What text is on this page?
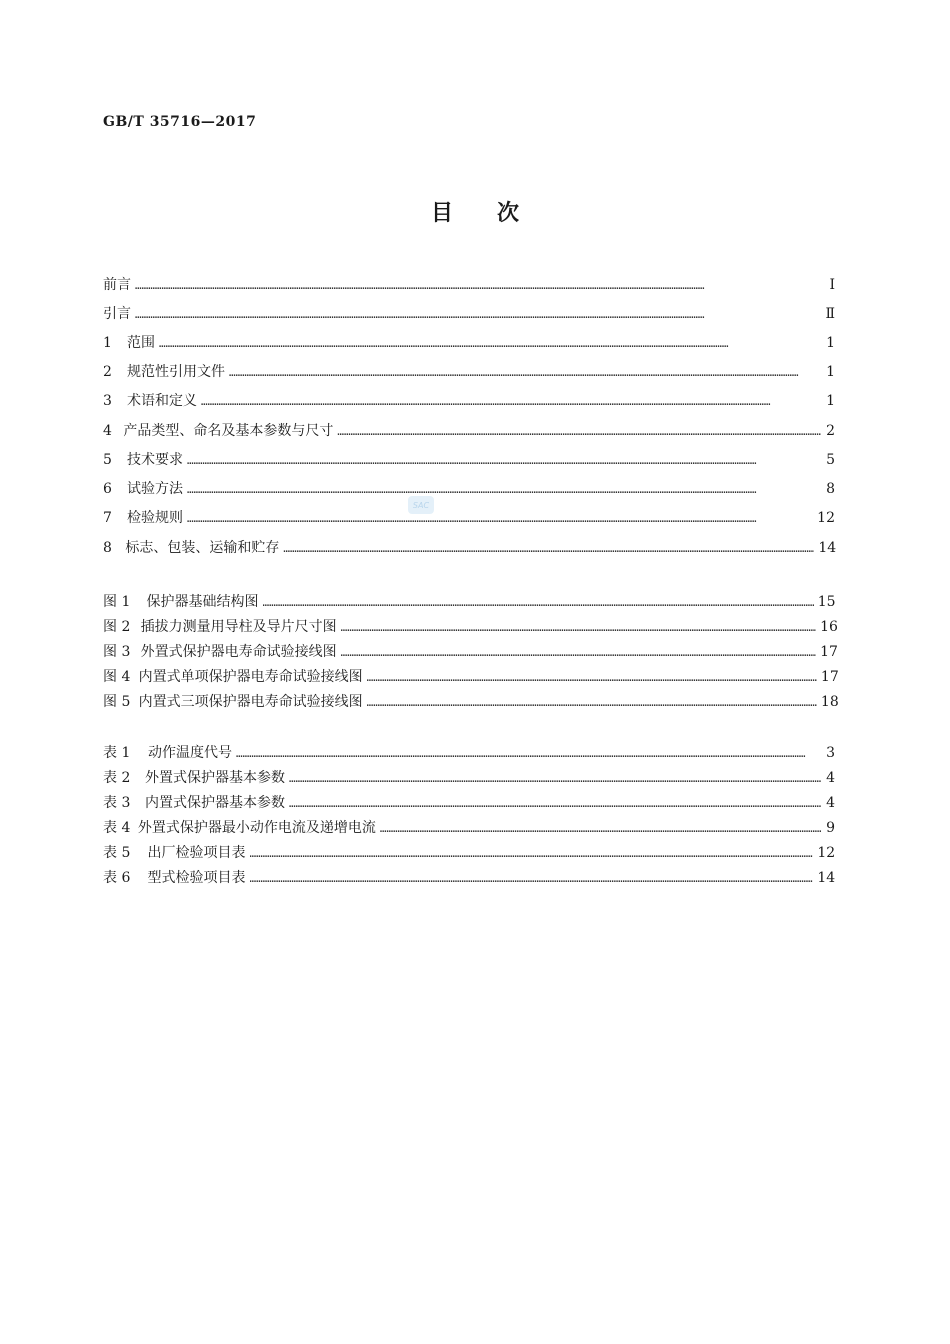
GB/T 35716—2017
目　　次
SAC
前言 ……………………………………………………………………………………………………………………………………………………………………………………………………………………………………	Ⅰ
引言 ……………………………………………………………………………………………………………………………………………………………………………………………………………………………………	Ⅱ
1	范围 ……………………………………………………………………………………………………………………………………………………………………………………………………………………………………	1
2	规范性引用文件 ……………………………………………………………………………………………………………………………………………………………………………………………………………………………………	1
3	术语和定义 ……………………………………………………………………………………………………………………………………………………………………………………………………………………………………	1
4 产品类型、命名及基本参数与尺寸 ……………………………………………………………………………………………………………………………………………………………………………………………………………………………………	2
5	技术要求 ……………………………………………………………………………………………………………………………………………………………………………………………………………………………………	5
6	试验方法 ……………………………………………………………………………………………………………………………………………………………………………………………………………………………………	8
7	检验规则 ……………………………………………………………………………………………………………………………………………………………………………………………………………………………………	12
8 标志、包装、运输和贮存 ……………………………………………………………………………………………………………………………………………………………………………………………………………………………………	14
图 1	保护器基础结构图 ……………………………………………………………………………………………………………………………………………………………………………………………………………………………………	15
图 2 插拔力测量用导柱及导片尺寸图 ……………………………………………………………………………………………………………………………………………………………………………………………………………………………………	16
图 3 外置式保护器电寿命试验接线图 ……………………………………………………………………………………………………………………………………………………………………………………………………………………………………	17
图 4 内置式单项保护器电寿命试验接线图 ……………………………………………………………………………………………………………………………………………………………………………………………………………………………………	17
图 5 内置式三项保护器电寿命试验接线图 ……………………………………………………………………………………………………………………………………………………………………………………………………………………………………	18
表 1	动作温度代号 ……………………………………………………………………………………………………………………………………………………………………………………………………………………………………	3
表 2	外置式保护器基本参数 ……………………………………………………………………………………………………………………………………………………………………………………………………………………………………	4
表 3	内置式保护器基本参数 ……………………………………………………………………………………………………………………………………………………………………………………………………………………………………	4
表 4 外置式保护器最小动作电流及递增电流 ……………………………………………………………………………………………………………………………………………………………………………………………………………………………………	9
表 5	出厂检验项目表 ……………………………………………………………………………………………………………………………………………………………………………………………………………………………………	12
表 6	型式检验项目表 ……………………………………………………………………………………………………………………………………………………………………………………………………………………………………	14
